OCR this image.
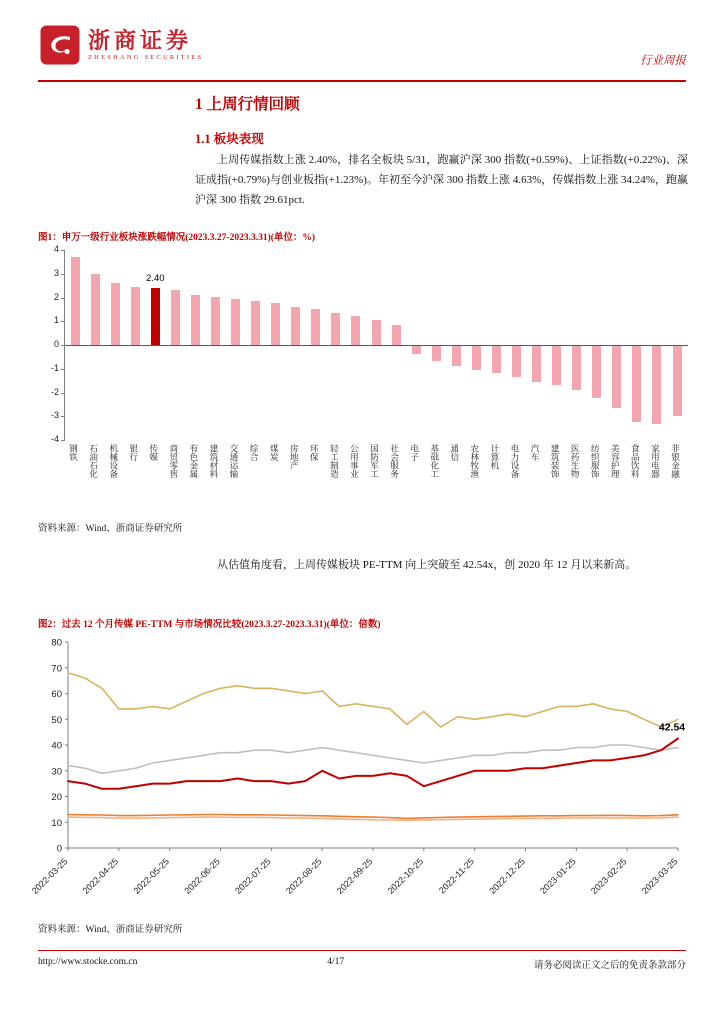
浙商证券
ZHESHANG SECURITIES	行业周报
1 上周行情回顾
1.1 板块表现
上周传媒指数上涨 2.40%，排名全板块 5/31，跑赢沪深 300 指数(+0.59%)、上证指数(+0.22%)、深证成指(+0.79%)与创业板指(+1.23%)。年初至今沪深 300 指数上涨 4.63%，传媒指数上涨 34.24%，跑赢沪深 300 指数 29.61pct.
图1：申万一级行业板块涨跌幅情况(2023.3.27-2023.3.31)(单位：%)
4
3
2
1
0
-1
-2
-3
-4
2.40
钢铁 石油石化 机械设备 银行 传媒 商贸零售 有色金属 建筑材料 交通运输 综合 煤炭 房地产 环保 轻工制造 公用事业 国防军工 社会服务 电子 基础化工 通信 农林牧渔 计算机 电力设备 汽车 建筑装饰 医药生物 纺织服饰 美容护理 食品饮料 家用电器 非银金融
资料来源：Wind、浙商证券研究所
从估值角度看，上周传媒板块 PE-TTM 向上突破至 42.54x，创 2020 年 12 月以来新高。
图2：过去 12 个月传媒 PE-TTM 与市场情况比较(2023.3.27-2023.3.31)(单位：倍数)
80
70
60
50
40
30
20
10
0
2022-03-25 2022-04-25 2022-05-25 2022-06-25 2022-07-25 2022-08-25 2022-09-25 2022-10-25 2022-11-25 2022-12-25 2023-01-25 2023-02-25 2023-03-25
42.54
资料来源：Wind、浙商证券研究所
http://www.stocke.com.cn	4/17	请务必阅读正文之后的免责条款部分
